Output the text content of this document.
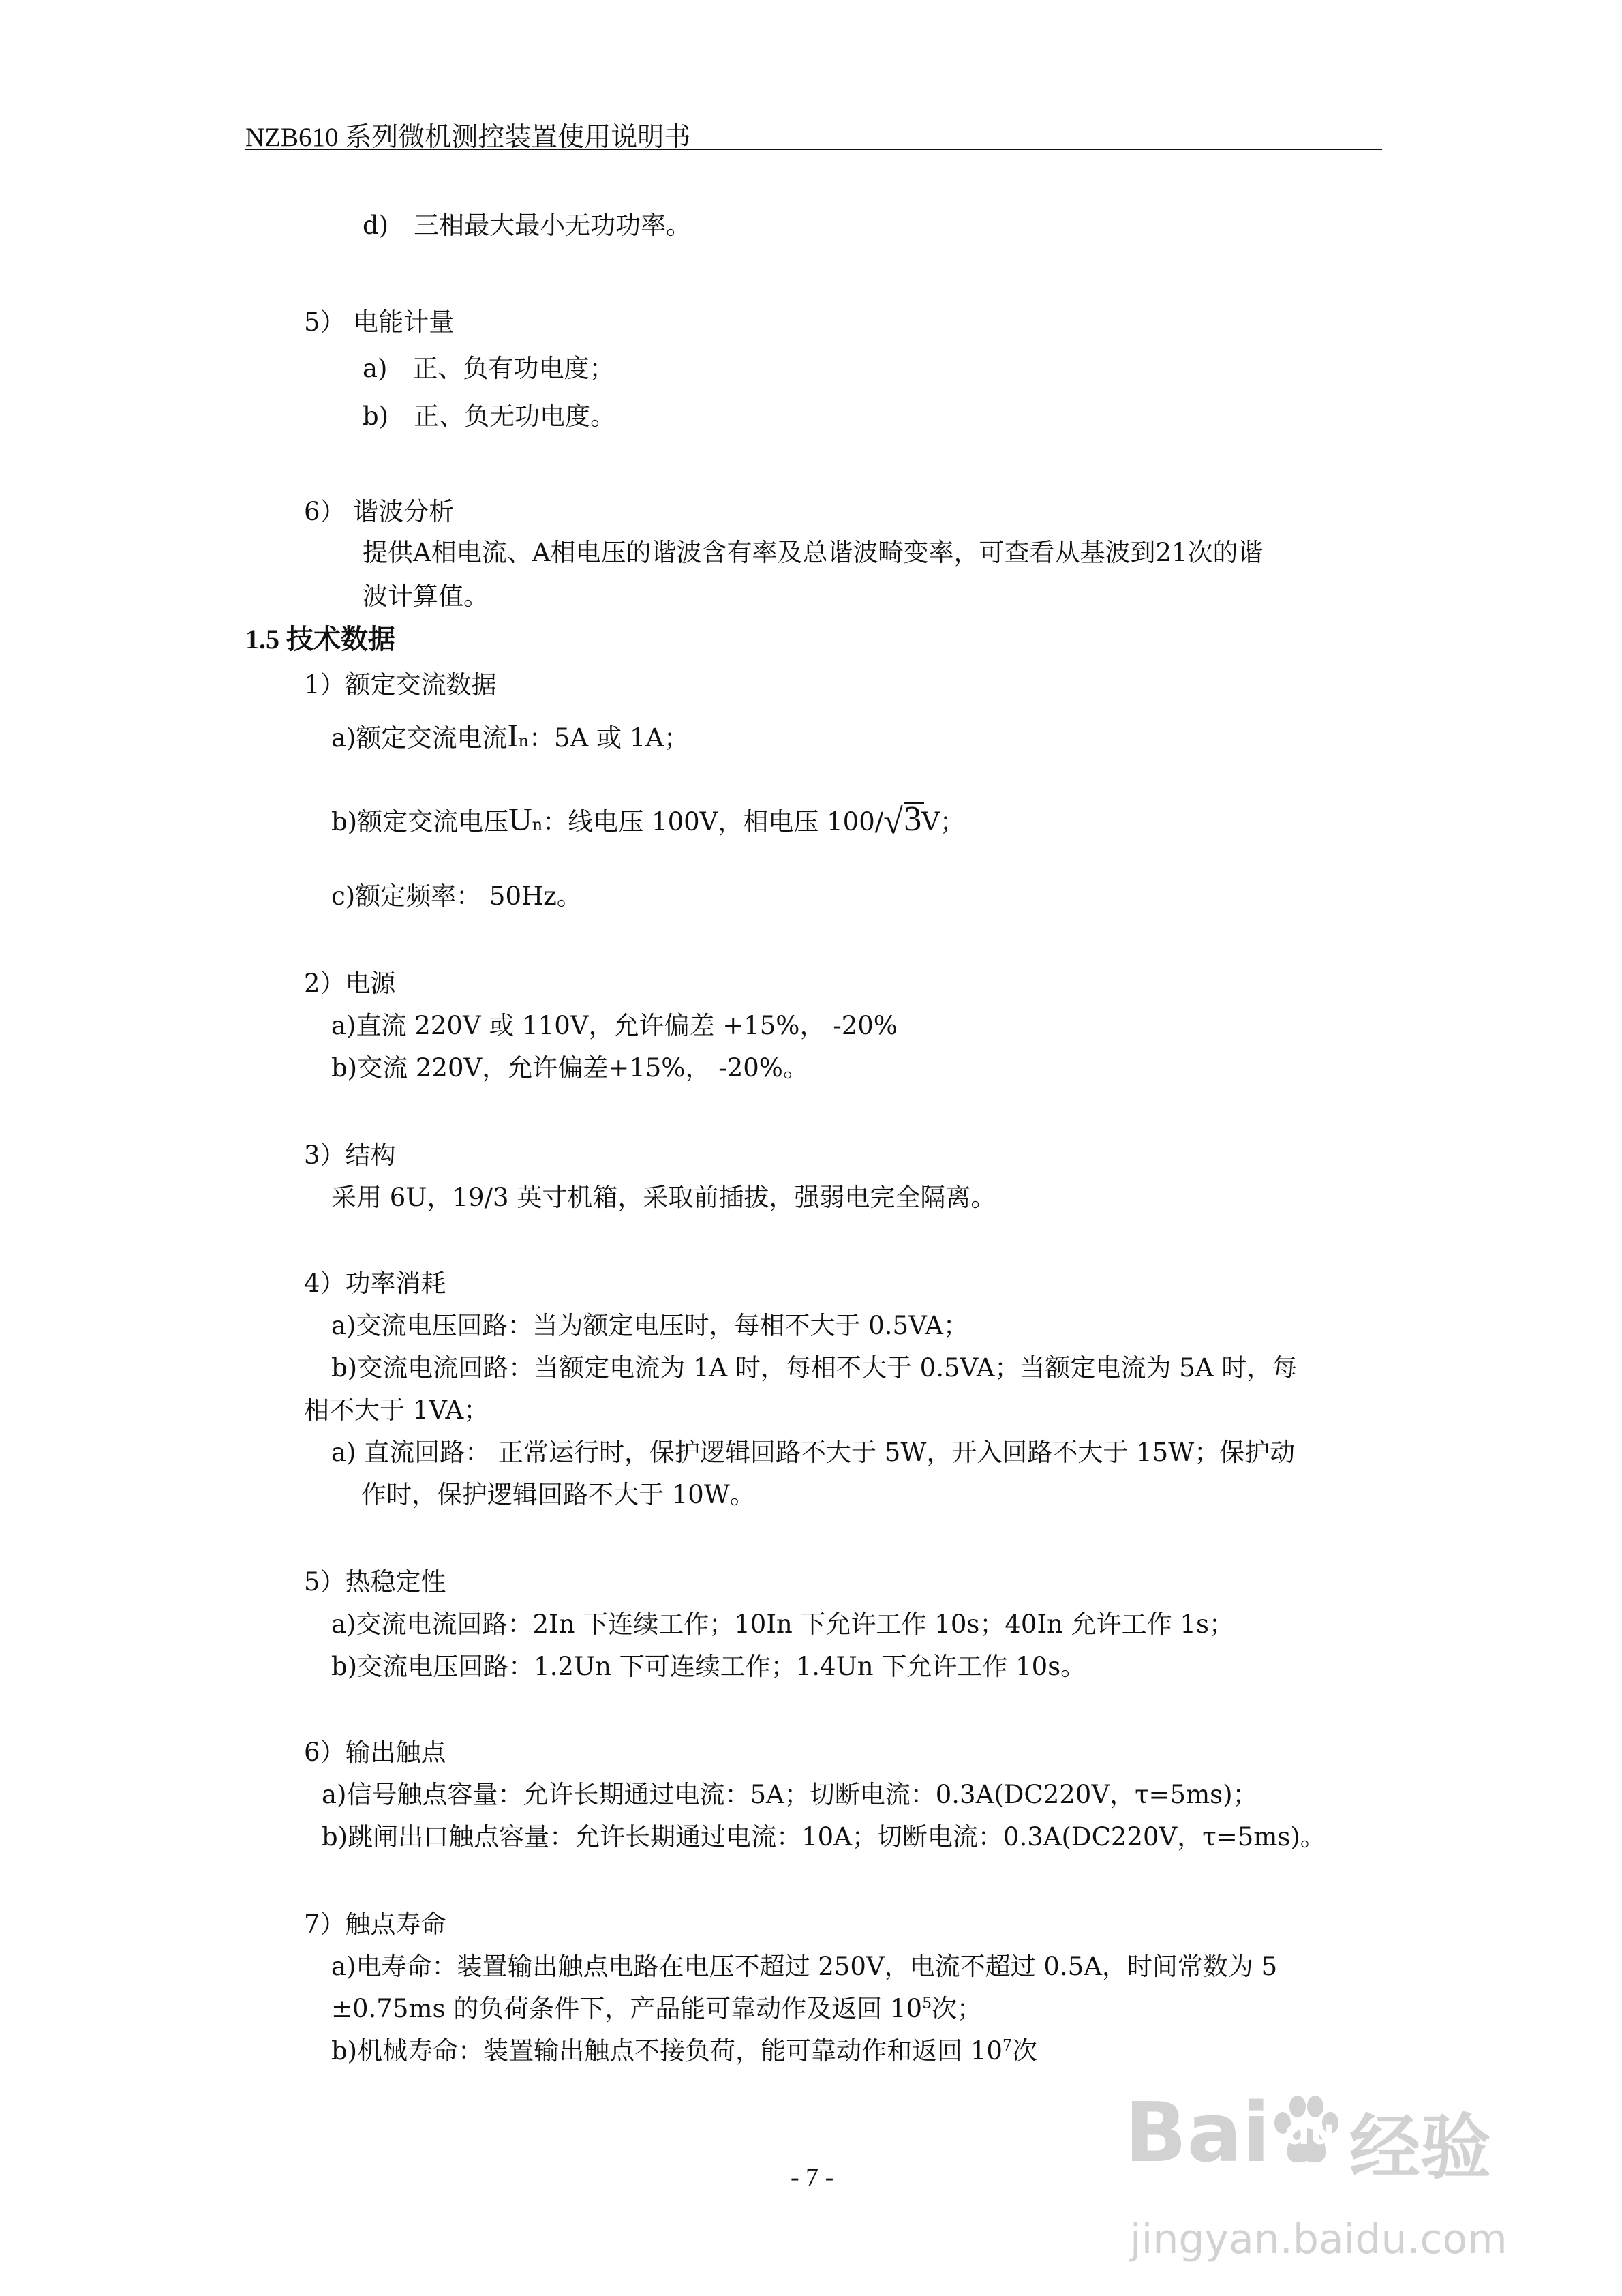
NZB610 系列微机测控装置使用说明书
d)　三相最大最小无功功率。
5） 电能计量
a)　正、负有功电度；
b)　正、负无功电度。
6） 谐波分析
提供A相电流、A相电压的谐波含有率及总谐波畸变率，可查看从基波到21次的谐
波计算值。
1.5 技术数据
1）额定交流数据
a)额定交流电流In：5A 或 1A；
b)额定交流电压Un：线电压 100V，相电压 100/ √ 3V；
c)额定频率： 50Hz。
2）电源
a)直流 220V 或 110V，允许偏差 +15%， -20%
b)交流 220V，允许偏差+15%， -20%。
3）结构
采用 6U，19/3 英寸机箱，采取前插拔，强弱电完全隔离。
4）功率消耗
a)交流电压回路：当为额定电压时，每相不大于 0.5VA；
b)交流电流回路：当额定电流为 1A 时，每相不大于 0.5VA；当额定电流为 5A 时，每
相不大于 1VA；
a) 直流回路： 正常运行时，保护逻辑回路不大于 5W，开入回路不大于 15W；保护动
作时，保护逻辑回路不大于 10W。
5）热稳定性
a)交流电流回路：2In 下连续工作；10In 下允许工作 10s；40In 允许工作 1s；
b)交流电压回路：1.2Un 下可连续工作；1.4Un 下允许工作 10s。
6）输出触点
a)信号触点容量：允许长期通过电流：5A；切断电流：0.3A(DC220V，τ=5ms)；
b)跳闸出口触点容量：允许长期通过电流：10A；切断电流：0.3A(DC220V，τ=5ms)。
7）触点寿命
a)电寿命：装置输出触点电路在电压不超过 250V，电流不超过 0.5A，时间常数为 5
±0.75ms 的负荷条件下，产品能可靠动作及返回 $10^5$次；
b)机械寿命：装置输出触点不接负荷，能可靠动作和返回 $10^7$次
- 7 -	Bai du 经验
jingyan.baidu.com
